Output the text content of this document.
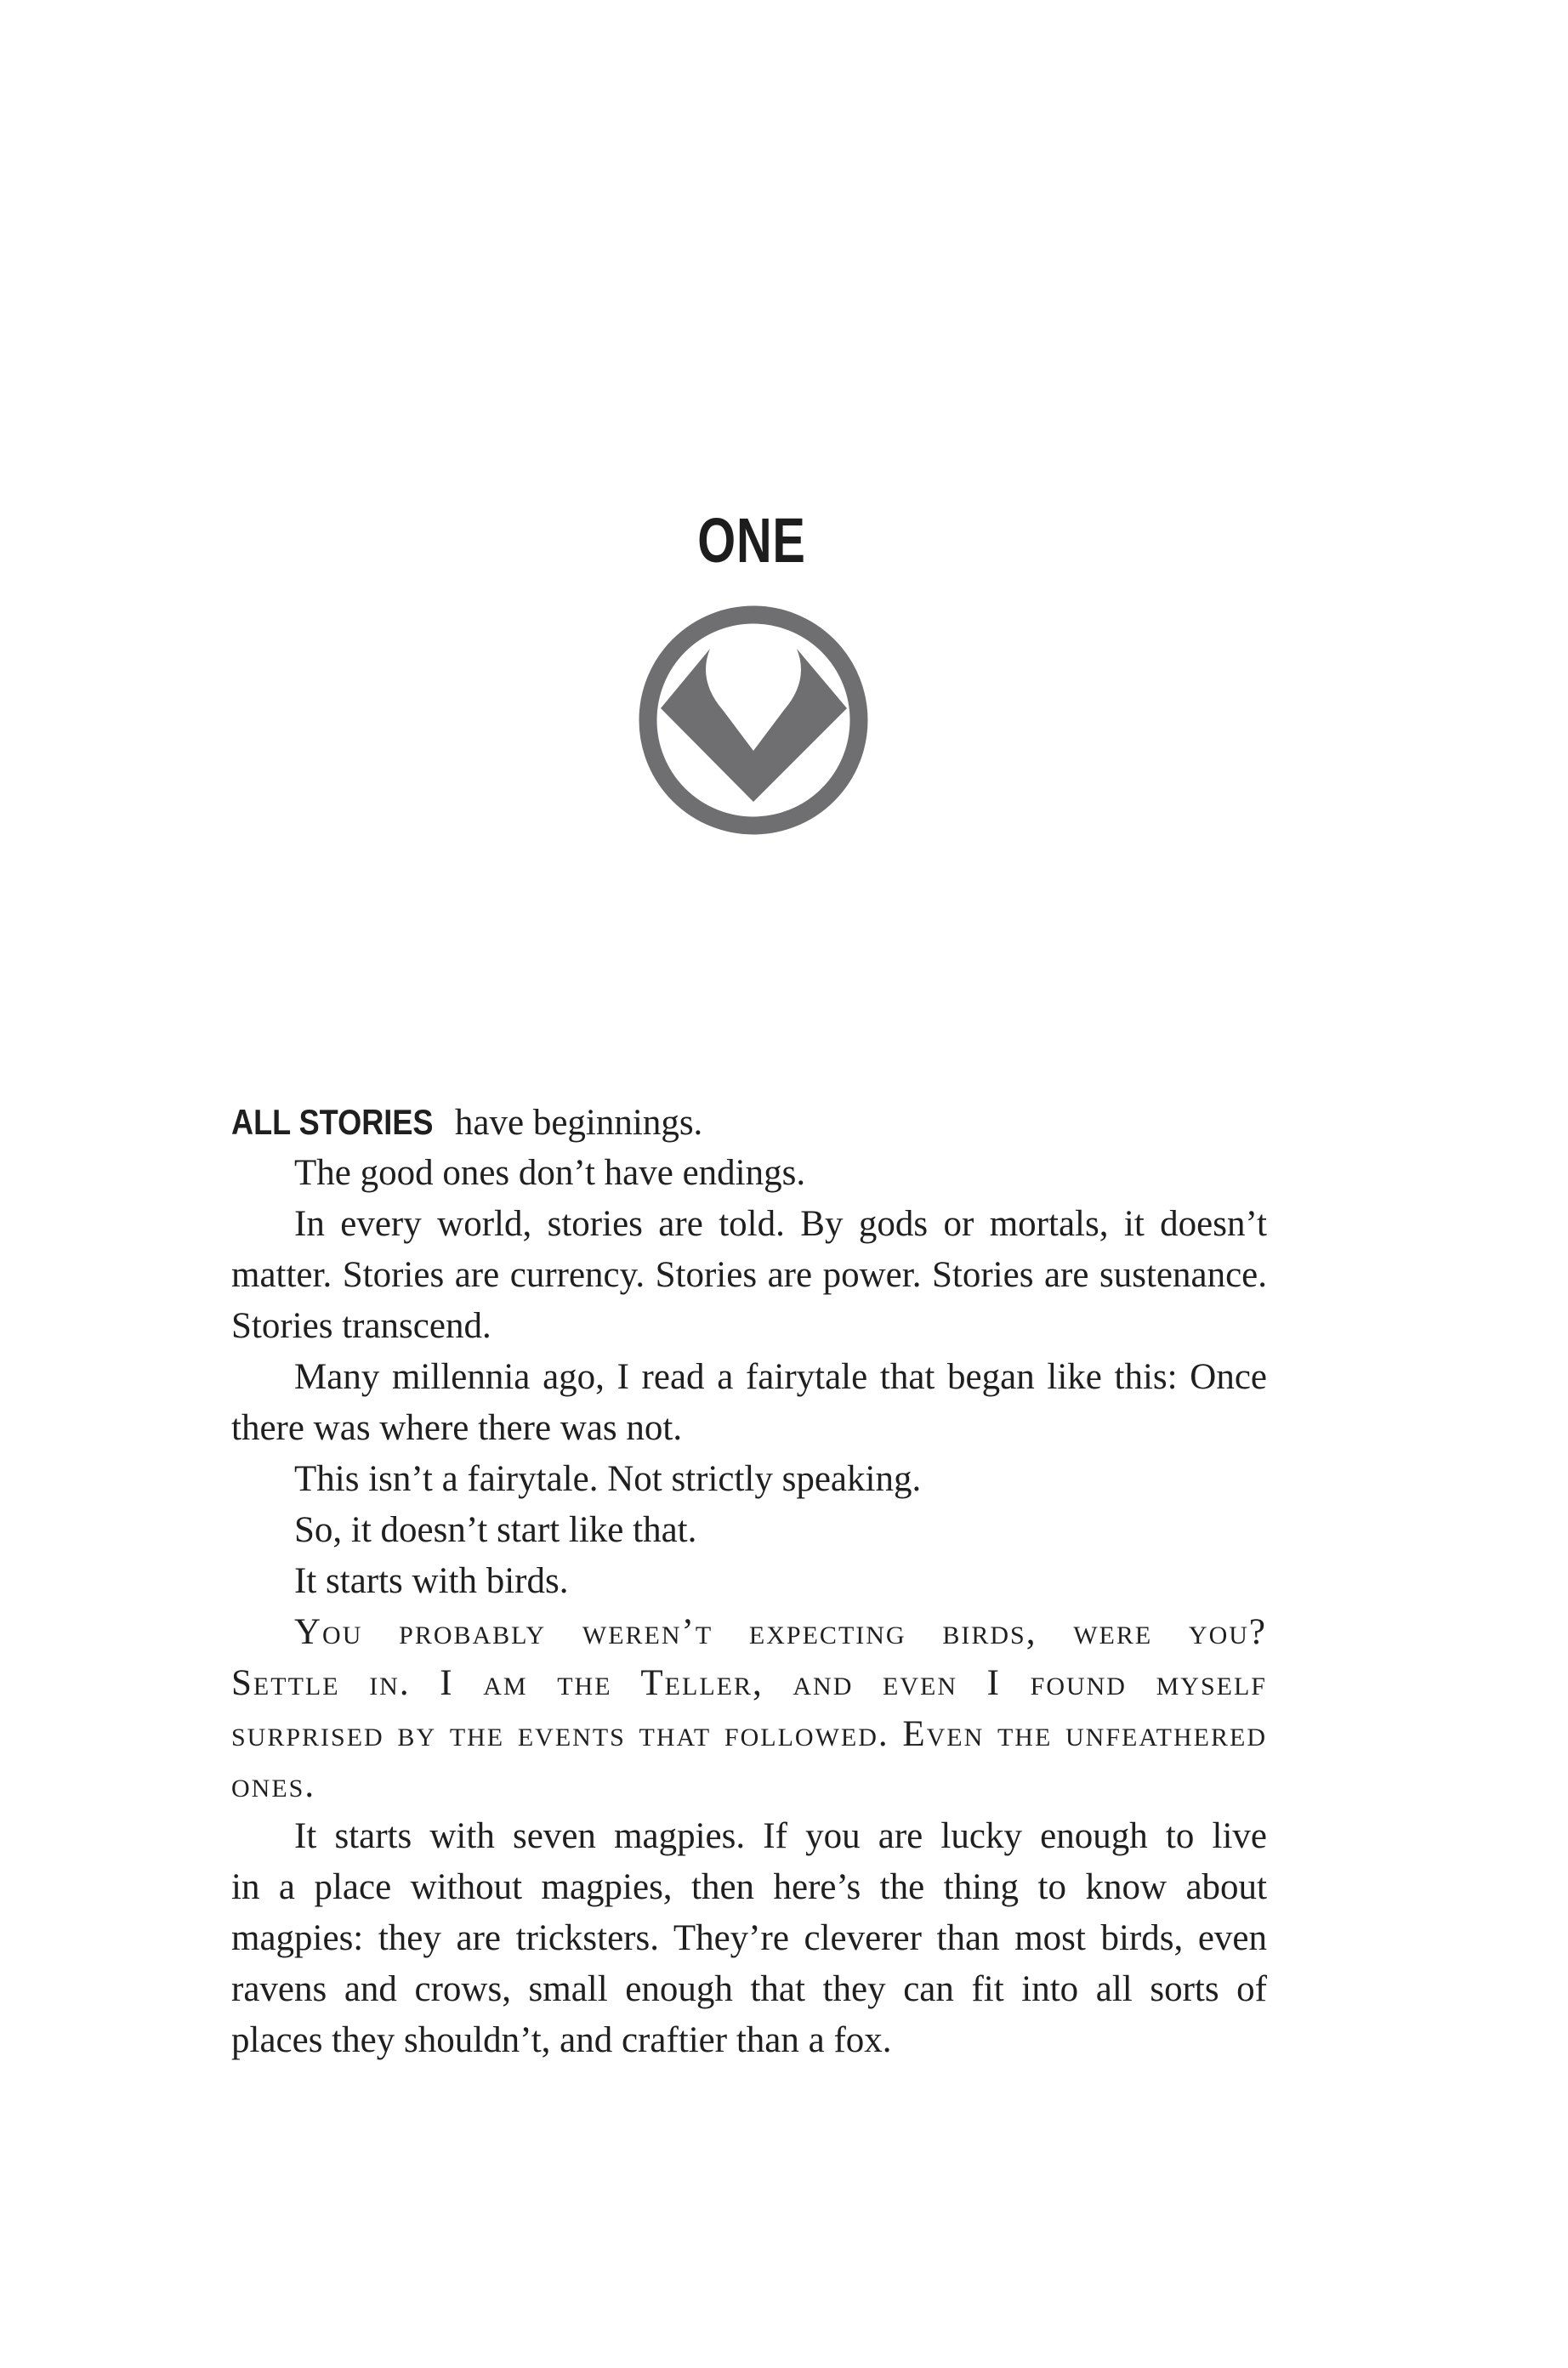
ONE
ALL STORIES have beginnings.
The good ones don’t have endings.
In every world, stories are told. By gods or mortals, it doesn’t
matter. Stories are currency. Stories are power. Stories are sustenance.
Stories transcend.
Many millennia ago, I read a fairytale that began like this: Once
there was where there was not.
This isn’t a fairytale. Not strictly speaking.
So, it doesn’t start like that.
It starts with birds.
You probably weren’t expecting birds, were you?
Settle in. I am the Teller, and even I found myself
surprised by the events that followed. Even the unfeathered
ones.
It starts with seven magpies. If you are lucky enough to live
in a place without magpies, then here’s the thing to know about
magpies: they are tricksters. They’re cleverer than most birds, even
ravens and crows, small enough that they can fit into all sorts of
places they shouldn’t, and craftier than a fox.
